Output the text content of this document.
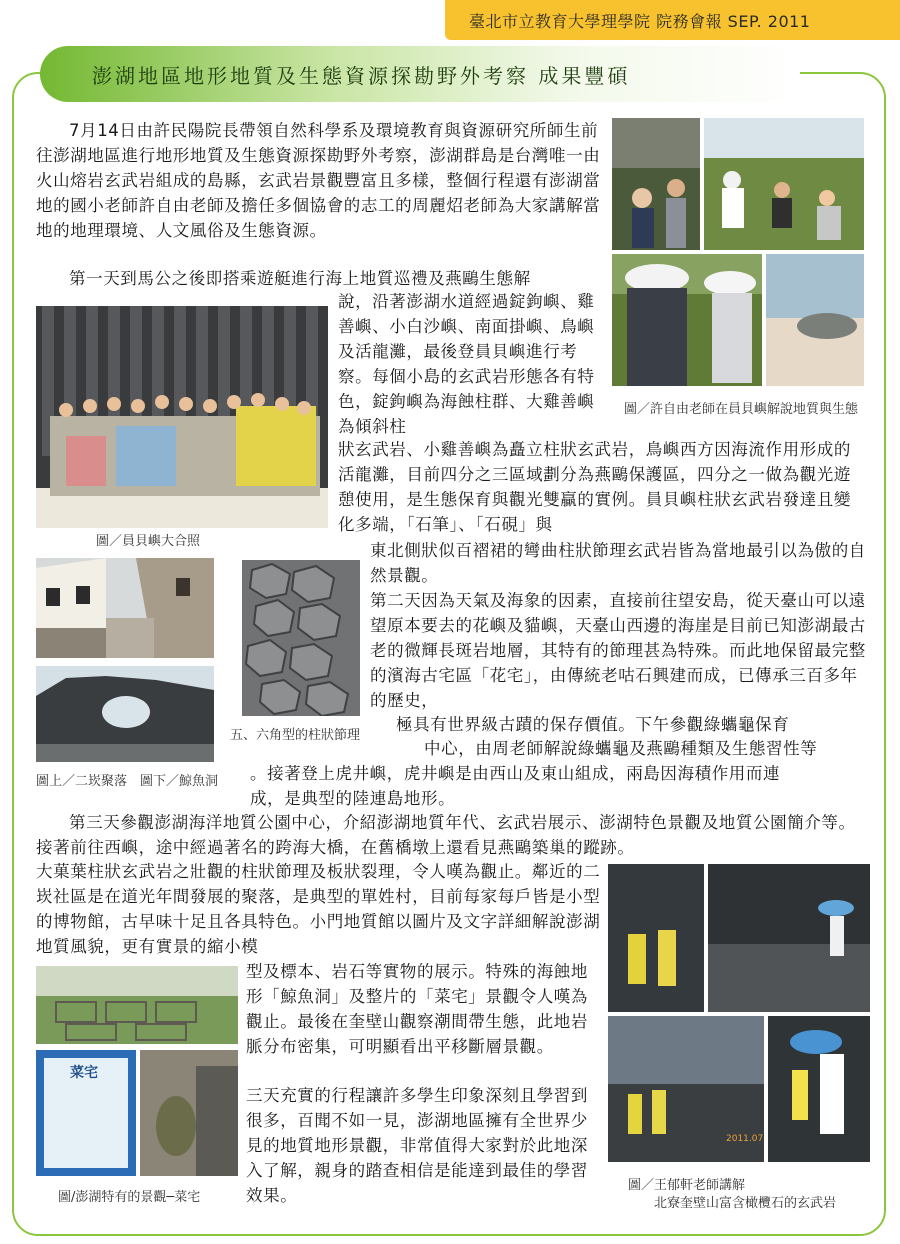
臺北市立教育大學理學院 院務會報 SEP. 2011
澎湖地區地形地質及生態資源探勘野外考察 成果豐碩

7月14日由許民陽院長帶領自然科學系及環境教育與資源研究所師生前往澎湖地區進行地形地質及生態資源探勘野外考察，澎湖群島是台灣唯一由火山熔岩玄武岩組成的島縣，玄武岩景觀豐富且多樣，整個行程還有澎湖當地的國小老師許自由老師及擔任多個協會的志工的周麗炤老師為大家講解當地的地理環境、人文風俗及生態資源。

第一天到馬公之後即搭乘遊艇進行海上地質巡禮及燕鷗生態解

說，沿著澎湖水道經過錠鉤嶼、雞善嶼、小白沙嶼、南面掛嶼、鳥嶼及活龍灘，最後登員貝嶼進行考察。每個小島的玄武岩形態各有特色，錠鉤嶼為海蝕柱群、大雞善嶼為傾斜柱

狀玄武岩、小雞善嶼為矗立柱狀玄武岩，鳥嶼西方因海流作用形成的活龍灘，目前四分之三區域劃分為燕鷗保護區，四分之一做為觀光遊憩使用，是生態保育與觀光雙贏的實例。員貝嶼柱狀玄武岩發達且變化多端，「石筆」、「石硯」與

東北側狀似百褶裙的彎曲柱狀節理玄武岩皆為當地最引以為傲的自然景觀。

第二天因為天氣及海象的因素，直接前往望安島，從天臺山可以遠望原本要去的花嶼及貓嶼，天臺山西邊的海崖是目前已知澎湖最古老的微輝長斑岩地層，其特有的節理甚為特殊。而此地保留最完整的濱海古宅區「花宅」，由傳統老咕石興建而成，已傳承三百多年的歷史，

極具有世界級古蹟的保存價值。下午參觀綠蠵龜保育

中心，由周老師解說綠蠵龜及燕鷗種類及生態習性等

。接著登上虎井嶼，虎井嶼是由西山及東山組成，兩島因海積作用而連

成，是典型的陸連島地形。

第三天參觀澎湖海洋地質公園中心，介紹澎湖地質年代、玄武岩展示、澎湖特色景觀及地質公園簡介等。接著前往西嶼，途中經過著名的跨海大橋，在舊橋墩上還看見燕鷗築巢的蹤跡。

大菓葉柱狀玄武岩之壯觀的柱狀節理及板狀裂理，令人嘆為觀止。鄰近的二崁社區是在道光年間發展的聚落，是典型的單姓村，目前每家每戶皆是小型的博物館，古早味十足且各具特色。小門地質館以圖片及文字詳細解說澎湖地質風貌，更有實景的縮小模

型及標本、岩石等實物的展示。特殊的海蝕地形「鯨魚洞」及整片的「菜宅」景觀令人嘆為觀止。最後在奎壁山觀察潮間帶生態，此地岩脈分布密集，可明顯看出平移斷層景觀。

三天充實的行程讓許多學生印象深刻且學習到很多，百聞不如一見，澎湖地區擁有全世界少見的地質地形景觀，非常值得大家對於此地深入了解，親身的踏查相信是能達到最佳的學習效果。

圖／許自由老師在員貝嶼解說地質與生態
圖／員貝嶼大合照
圖上／二崁聚落　圖下／鯨魚洞
五、六角型的柱狀節理
菜宅
圖/澎湖特有的景觀─菜宅
2011.07
圖／王郁軒老師講解
北寮奎壁山富含橄欖石的玄武岩
